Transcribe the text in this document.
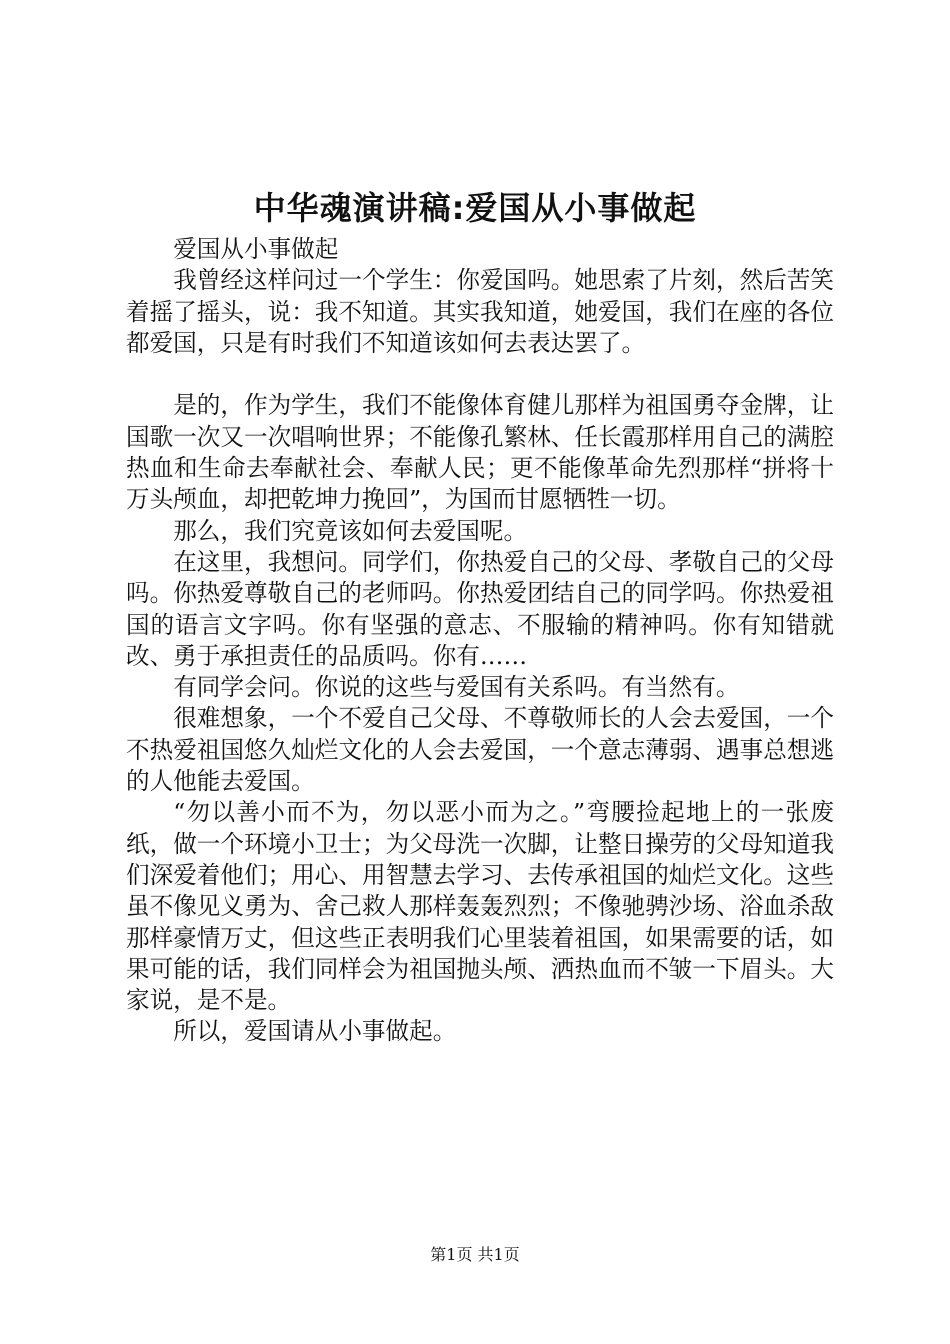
中华魂演讲稿:爱国从小事做起

爱国从小事做起

我曾经这样问过一个学生：你爱国吗。她思索了片刻，然后苦笑着摇了摇头，说：我不知道。其实我知道，她爱国，我们在座的各位都爱国，只是有时我们不知道该如何去表达罢了。

是的，作为学生，我们不能像体育健儿那样为祖国勇夺金牌，让国歌一次又一次唱响世界；不能像孔繁林、任长霞那样用自己的满腔热血和生命去奉献社会、奉献人民；更不能像革命先烈那样“拼将十万头颅血，却把乾坤力挽回”，为国而甘愿牺牲一切。

那么，我们究竟该如何去爱国呢。

在这里，我想问。同学们，你热爱自己的父母、孝敬自己的父母吗。你热爱尊敬自己的老师吗。你热爱团结自己的同学吗。你热爱祖国的语言文字吗。你有坚强的意志、不服输的精神吗。你有知错就改、勇于承担责任的品质吗。你有……

有同学会问。你说的这些与爱国有关系吗。有当然有。

很难想象，一个不爱自己父母、不尊敬师长的人会去爱国，一个不热爱祖国悠久灿烂文化的人会去爱国，一个意志薄弱、遇事总想逃的人他能去爱国。

“勿以善小而不为，勿以恶小而为之。”弯腰捡起地上的一张废纸，做一个环境小卫士；为父母洗一次脚，让整日操劳的父母知道我们深爱着他们；用心、用智慧去学习、去传承祖国的灿烂文化。这些虽不像见义勇为、舍己救人那样轰轰烈烈；不像驰骋沙场、浴血杀敌那样豪情万丈，但这些正表明我们心里装着祖国，如果需要的话，如果可能的话，我们同样会为祖国抛头颅、洒热血而不皱一下眉头。大家说，是不是。

所以，爱国请从小事做起。

第1页 共1页
